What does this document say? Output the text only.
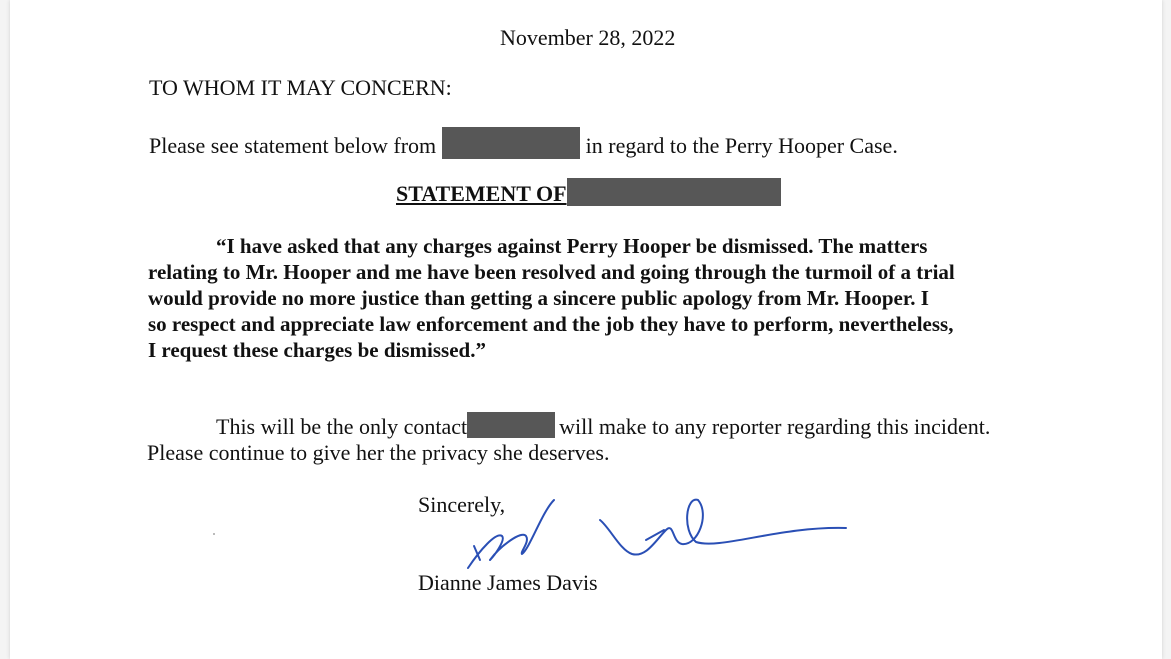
November 28, 2022
TO WHOM IT MAY CONCERN:
Please see statement below from	in regard to the Perry Hooper Case.
STATEMENT OF
“I have asked that any charges against Perry Hooper be dismissed. The matters
relating to Mr. Hooper and me have been resolved and going through the turmoil of a trial
would provide no more justice than getting a sincere public apology from Mr. Hooper. I
so respect and appreciate law enforcement and the job they have to perform, nevertheless,
I request these charges be dismissed.”
This will be the only contact	will make to any reporter regarding this incident.
Please continue to give her the privacy she deserves.
Sincerely,
Dianne James Davis
